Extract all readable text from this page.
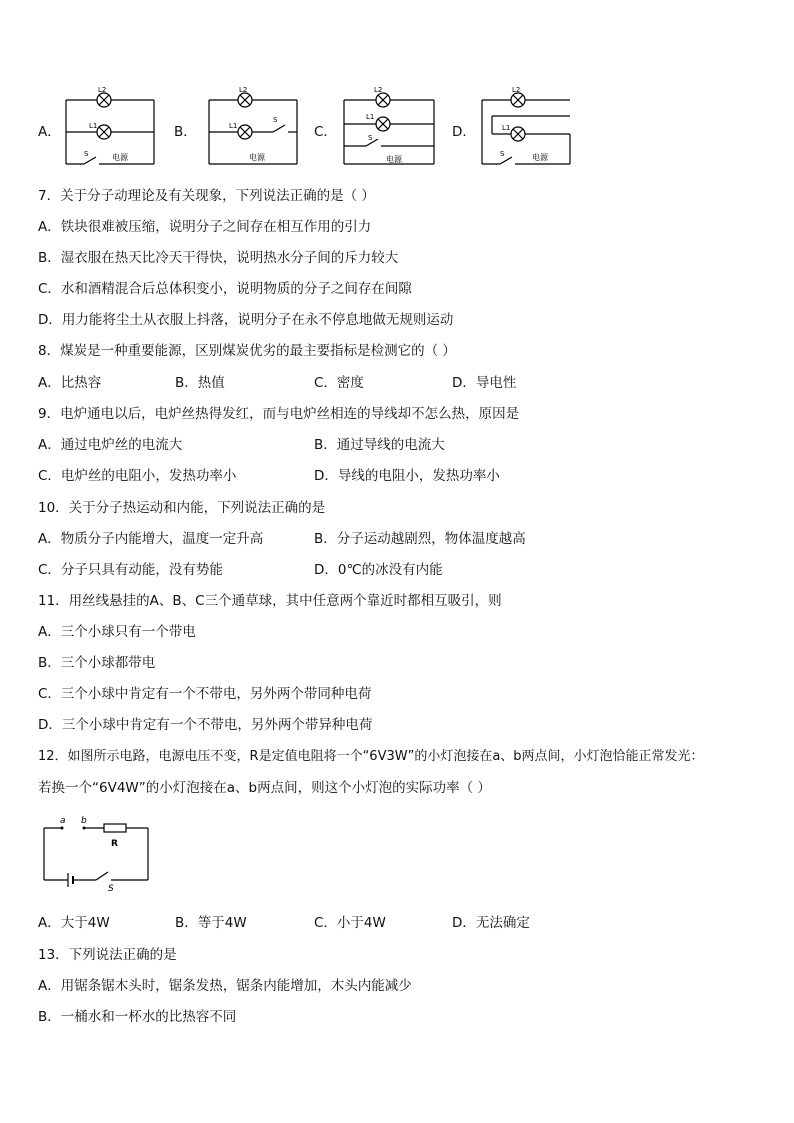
A．
L2
L1
S	电源
B．
L2
L1
S
电源
C．
L2
L1
S
电源
D．
L2
L1
S	电源
7．关于分子动理论及有关现象，下列说法正确的是（ ）
A．铁块很难被压缩，说明分子之间存在相互作用的引力
B．湿衣服在热天比冷天干得快，说明热水分子间的斥力较大
C．水和酒精混合后总体积变小，说明物质的分子之间存在间隙
D．用力能将尘土从衣服上抖落，说明分子在永不停息地做无规则运动
8．煤炭是一种重要能源，区别煤炭优劣的最主要指标是检测它的（ ）
A．比热容	B．热值	C．密度	D．导电性
9．电炉通电以后，电炉丝热得发红，而与电炉丝相连的导线却不怎么热，原因是
A．通过电炉丝的电流大	B．通过导线的电流大
C．电炉丝的电阻小，发热功率小	D．导线的电阻小，发热功率小
10．关于分子热运动和内能，下列说法正确的是
A．物质分子内能增大，温度一定升高	B．分子运动越剧烈，物体温度越高
C．分子只具有动能，没有势能	D．0℃的冰没有内能
11．用丝线悬挂的A、B、C三个通草球，其中任意两个靠近时都相互吸引，则
A．三个小球只有一个带电
B．三个小球都带电
C．三个小球中肯定有一个不带电，另外两个带同种电荷
D．三个小球中肯定有一个不带电，另外两个带异种电荷
12．如图所示电路，电源电压不变，R是定值电阻将一个“6V3W”的小灯泡接在a、b两点间，小灯泡恰能正常发光：
若换一个“6V4W”的小灯泡接在a、b两点间，则这个小灯泡的实际功率（ ）
a b
R
S
A．大于4W	B．等于4W	C．小于4W	D．无法确定
13．下列说法正确的是
A．用锯条锯木头时，锯条发热，锯条内能增加，木头内能减少
B．一桶水和一杯水的比热容不同
